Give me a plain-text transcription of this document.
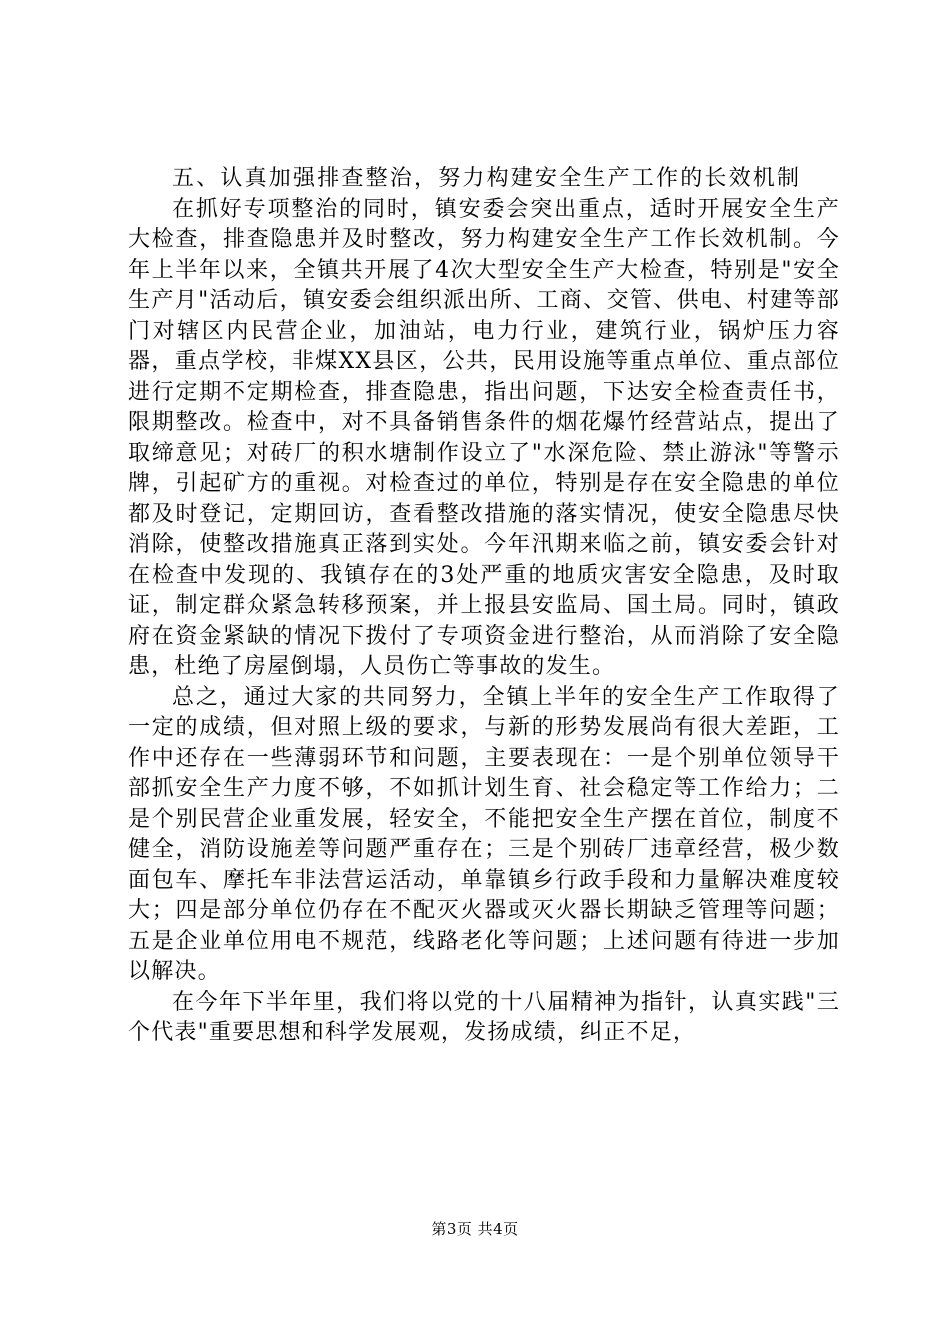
五、认真加强排查整治，努力构建安全生产工作的长效机制

在抓好专项整治的同时，镇安委会突出重点，适时开展安全生产大检查，排查隐患并及时整改，努力构建安全生产工作长效机制。今年上半年以来，全镇共开展了4次大型安全生产大检查，特别是"安全生产月"活动后，镇安委会组织派出所、工商、交管、供电、村建等部门对辖区内民营企业，加油站，电力行业，建筑行业，锅炉压力容器，重点学校，非煤XX县区，公共，民用设施等重点单位、重点部位进行定期不定期检查，排查隐患，指出问题，下达安全检查责任书，限期整改。检查中，对不具备销售条件的烟花爆竹经营站点，提出了取缔意见；对砖厂的积水塘制作设立了"水深危险、禁止游泳"等警示牌，引起矿方的重视。对检查过的单位，特别是存在安全隐患的单位都及时登记，定期回访，查看整改措施的落实情况，使安全隐患尽快消除，使整改措施真正落到实处。今年汛期来临之前，镇安委会针对在检查中发现的、我镇存在的3处严重的地质灾害安全隐患，及时取证，制定群众紧急转移预案，并上报县安监局、国土局。同时，镇政府在资金紧缺的情况下拨付了专项资金进行整治，从而消除了安全隐患，杜绝了房屋倒塌，人员伤亡等事故的发生。

总之，通过大家的共同努力，全镇上半年的安全生产工作取得了一定的成绩，但对照上级的要求，与新的形势发展尚有很大差距，工作中还存在一些薄弱环节和问题，主要表现在：一是个别单位领导干部抓安全生产力度不够，不如抓计划生育、社会稳定等工作给力；二是个别民营企业重发展，轻安全，不能把安全生产摆在首位，制度不健全，消防设施差等问题严重存在；三是个别砖厂违章经营，极少数面包车、摩托车非法营运活动，单靠镇乡行政手段和力量解决难度较大；四是部分单位仍存在不配灭火器或灭火器长期缺乏管理等问题；五是企业单位用电不规范，线路老化等问题；上述问题有待进一步加以解决。

在今年下半年里，我们将以党的十八届精神为指针，认真实践"三个代表"重要思想和科学发展观，发扬成绩，纠正不足，

第3页 共4页
